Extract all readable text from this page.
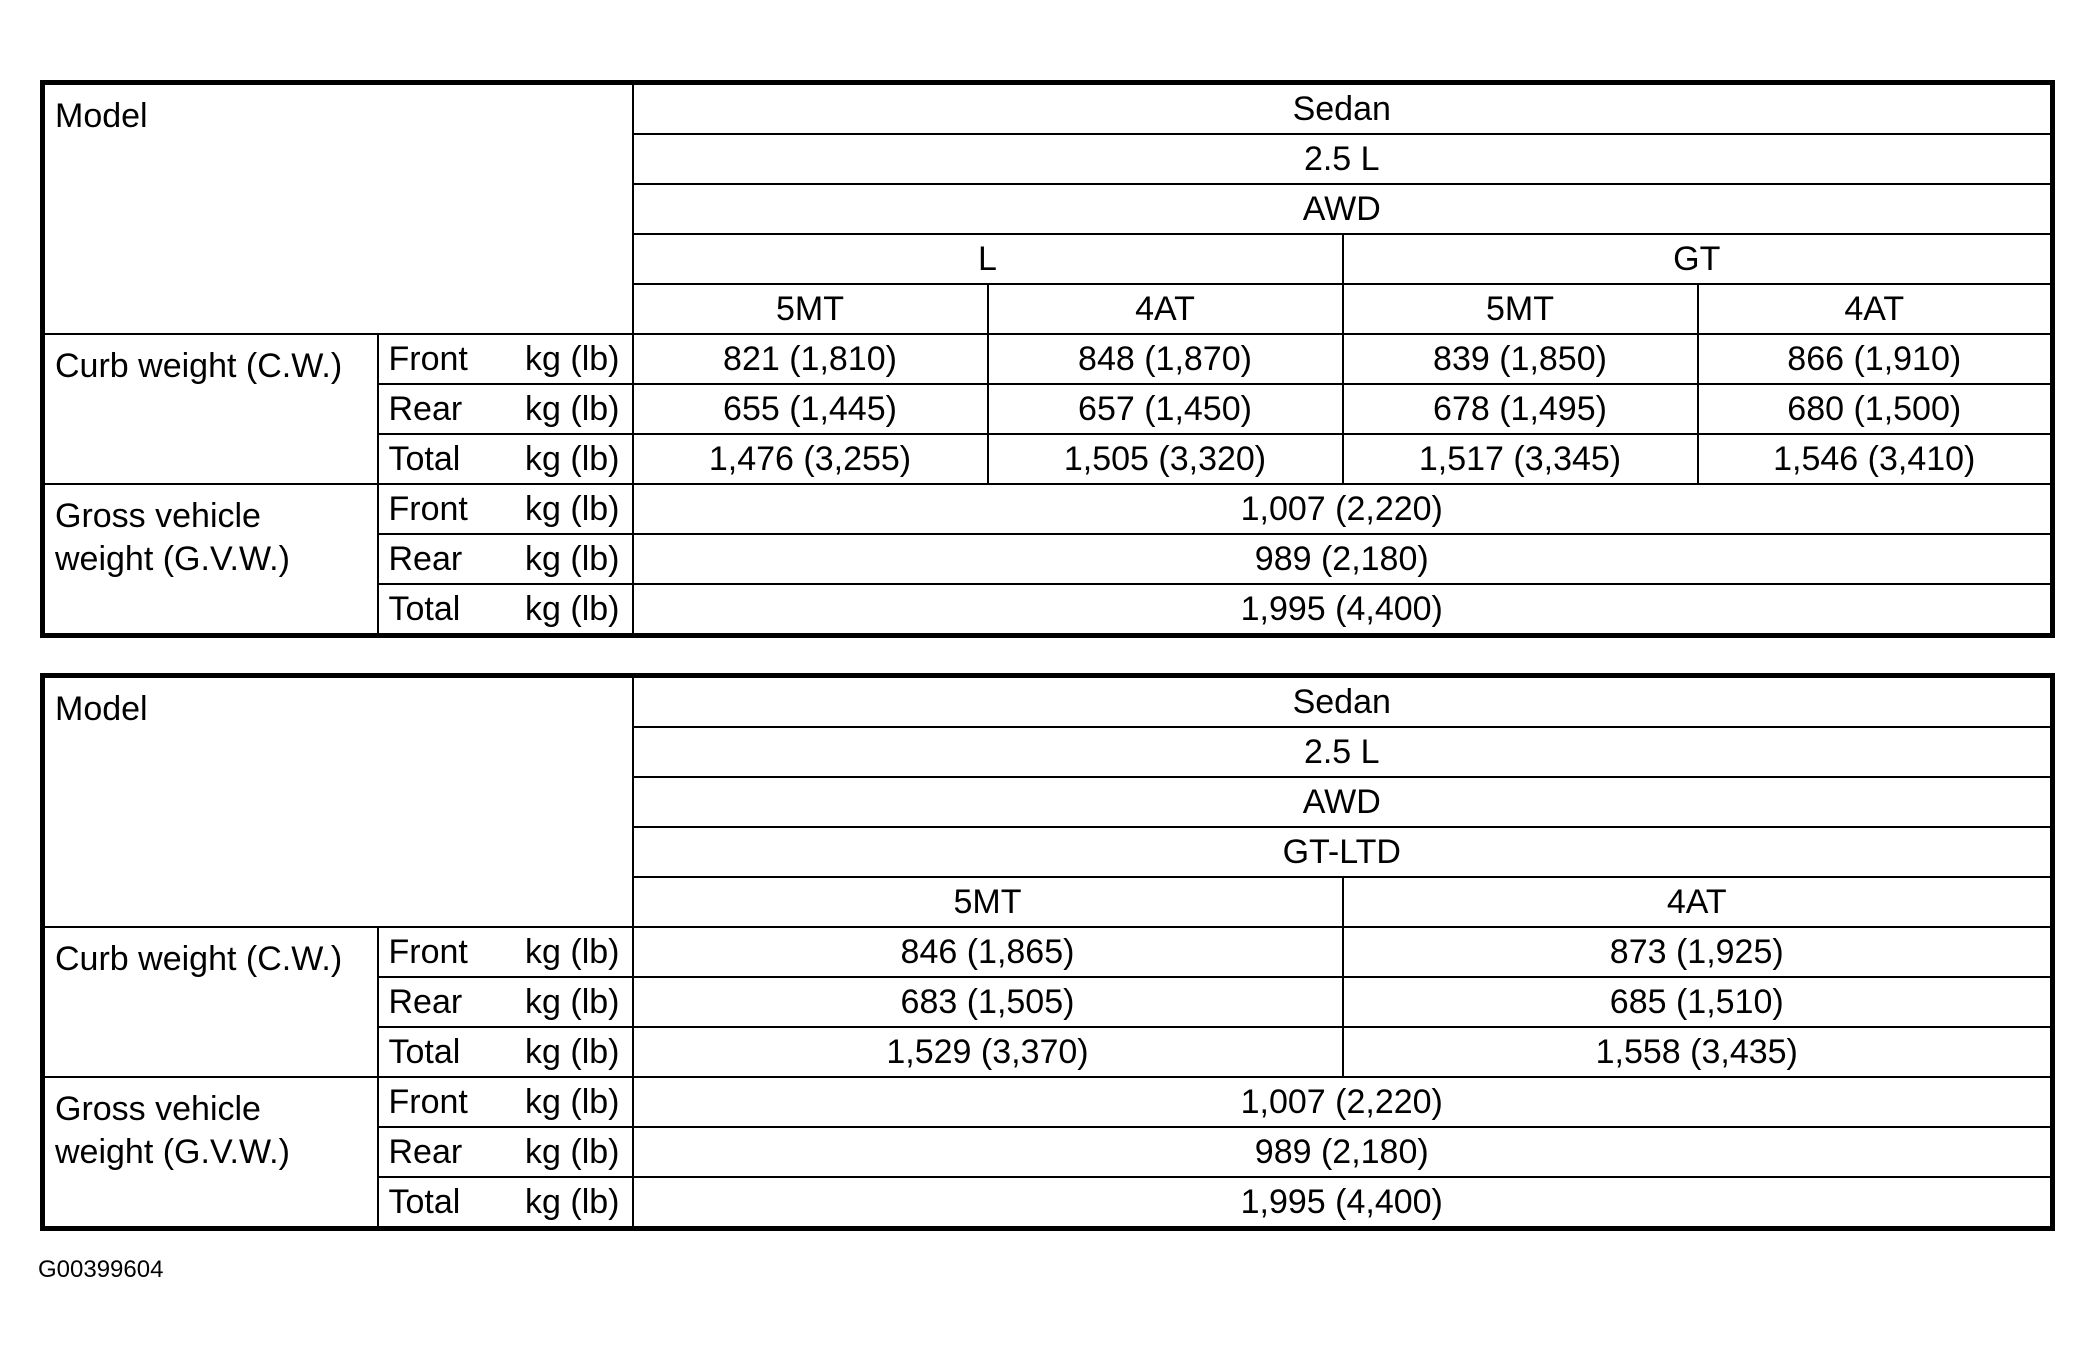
Model			Sedan			
			2.5 L			
			AWD			
			L		GT	
			5MT	4AT	5MT	4AT
Curb weight (C.W.)	Front	kg (lb)	821 (1,810)	848 (1,870)	839 (1,850)	866 (1,910)
	Rear	kg (lb)	655 (1,445)	657 (1,450)	678 (1,495)	680 (1,500)
	Total	kg (lb)	1,476 (3,255)	1,505 (3,320)	1,517 (3,345)	1,546 (3,410)
Gross vehicle weight (G.V.W.)	Front	kg (lb)	1,007 (2,220)			
	Rear	kg (lb)	989 (2,180)			
	Total	kg (lb)	1,995 (4,400)			
Model			Sedan	
			2.5 L	
			AWD	
			GT-LTD	
			5MT	4AT
Curb weight (C.W.)	Front	kg (lb)	846 (1,865)	873 (1,925)
	Rear	kg (lb)	683 (1,505)	685 (1,510)
	Total	kg (lb)	1,529 (3,370)	1,558 (3,435)
Gross vehicle weight (G.V.W.)	Front	kg (lb)	1,007 (2,220)	
	Rear	kg (lb)	989 (2,180)	
	Total	kg (lb)	1,995 (4,400)	
G00399604
